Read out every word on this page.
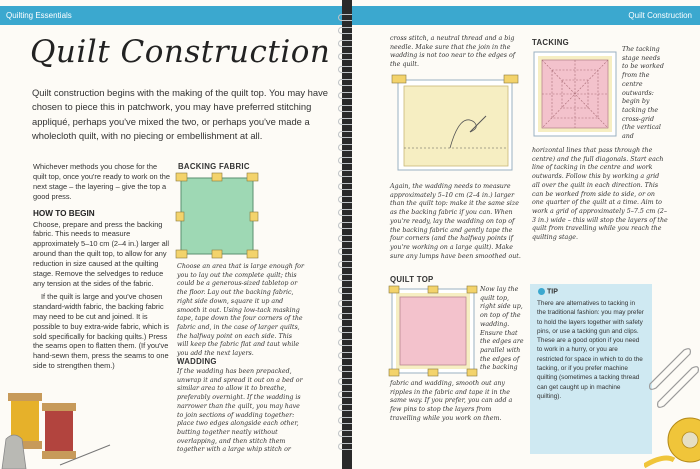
Quilting Essentials
Quilt Construction
Quilt construction begins with the making of the quilt top. You may have chosen to piece this in patchwork, you may have preferred stitching appliqué, perhaps you've mixed the two, or perhaps you've made a wholecloth quilt, with no piecing or embellishment at all.

Whichever methods you chose for the quilt top, once you're ready to work on the next stage – the layering – give the top a good press.

HOW TO BEGIN

Choose, prepare and press the backing fabric. This needs to measure approximately 5–10 cm (2–4 in.) larger all around than the quilt top, to allow for any reduction in size caused at the quilting stage. Remove the selvedges to reduce any tension at the sides of the fabric.

If the quilt is large and you've chosen standard-width fabric, the backing fabric may need to be cut and joined. It is possible to buy extra-wide fabric, which is sold specifically for backing quilts.) Press the seams open to flatten them. (If you've hand-sewn them, press the seams to one side to strengthen them.)

BACKING FABRIC
Choose an area that is large enough for you to lay out the complete quilt; this could be a generous-sized tabletop or the floor. Lay out the backing fabric, right side down, square it up and smooth it out. Using low-tack masking tape, tape down the four corners of the fabric and, in the case of larger quilts, the halfway point on each side. This will keep the fabric flat and taut while you add the next layers.
WADDING
If the wadding has been prepacked, unwrap it and spread it out on a bed or similar area to allow it to breathe, preferably overnight. If the wadding is narrower than the quilt, you may have to join sections of wadding together: place two edges alongside each other, butting together neatly without overlapping, and then stitch them together with a large whip stitch or
Quilt Construction
cross stitch, a neutral thread and a big needle. Make sure that the join in the wadding is not too near to the edges of the quilt.
Again, the wadding needs to measure approximately 5–10 cm (2–4 in.) larger than the quilt top: make it the same size as the backing fabric if you can. When you're ready, lay the wadding on top of the backing fabric and gently tape the four corners (and the halfway points if you're working on a large quilt). Make sure any lumps have been smoothed out.
QUILT TOP
Now lay the quilt top, right side up, on top of the wadding. Ensure that the edges are parallel with the edges of the backing
fabric and wadding, smooth out any ripples in the fabric and tape it in the same way. If you prefer, you can add a few pins to stop the layers from travelling while you work on them.
TACKING
The tacking stage needs to be worked from the centre outwards: begin by tacking the cross-grid (the vertical and
horizontal lines that pass through the centre) and the full diagonals. Start each line of tacking in the centre and work outwards. Follow this by working a grid all over the quilt in each direction. This can be worked from side to side, or on one quarter of the quilt at a time. Aim to work a grid of approximately 5–7.5 cm (2–3 in.) wide – this will stop the layers of the quilt from travelling while you reach the quilting stage.
TIP
There are alternatives to tacking in the traditional fashion: you may prefer to hold the layers together with safety pins, or use a tacking gun and clips. These are a good option if you need to work in a hurry, or you are restricted for space in which to do the tacking, or if you prefer machine quilting (sometimes a tacking thread can get caught up in machine quilting).
